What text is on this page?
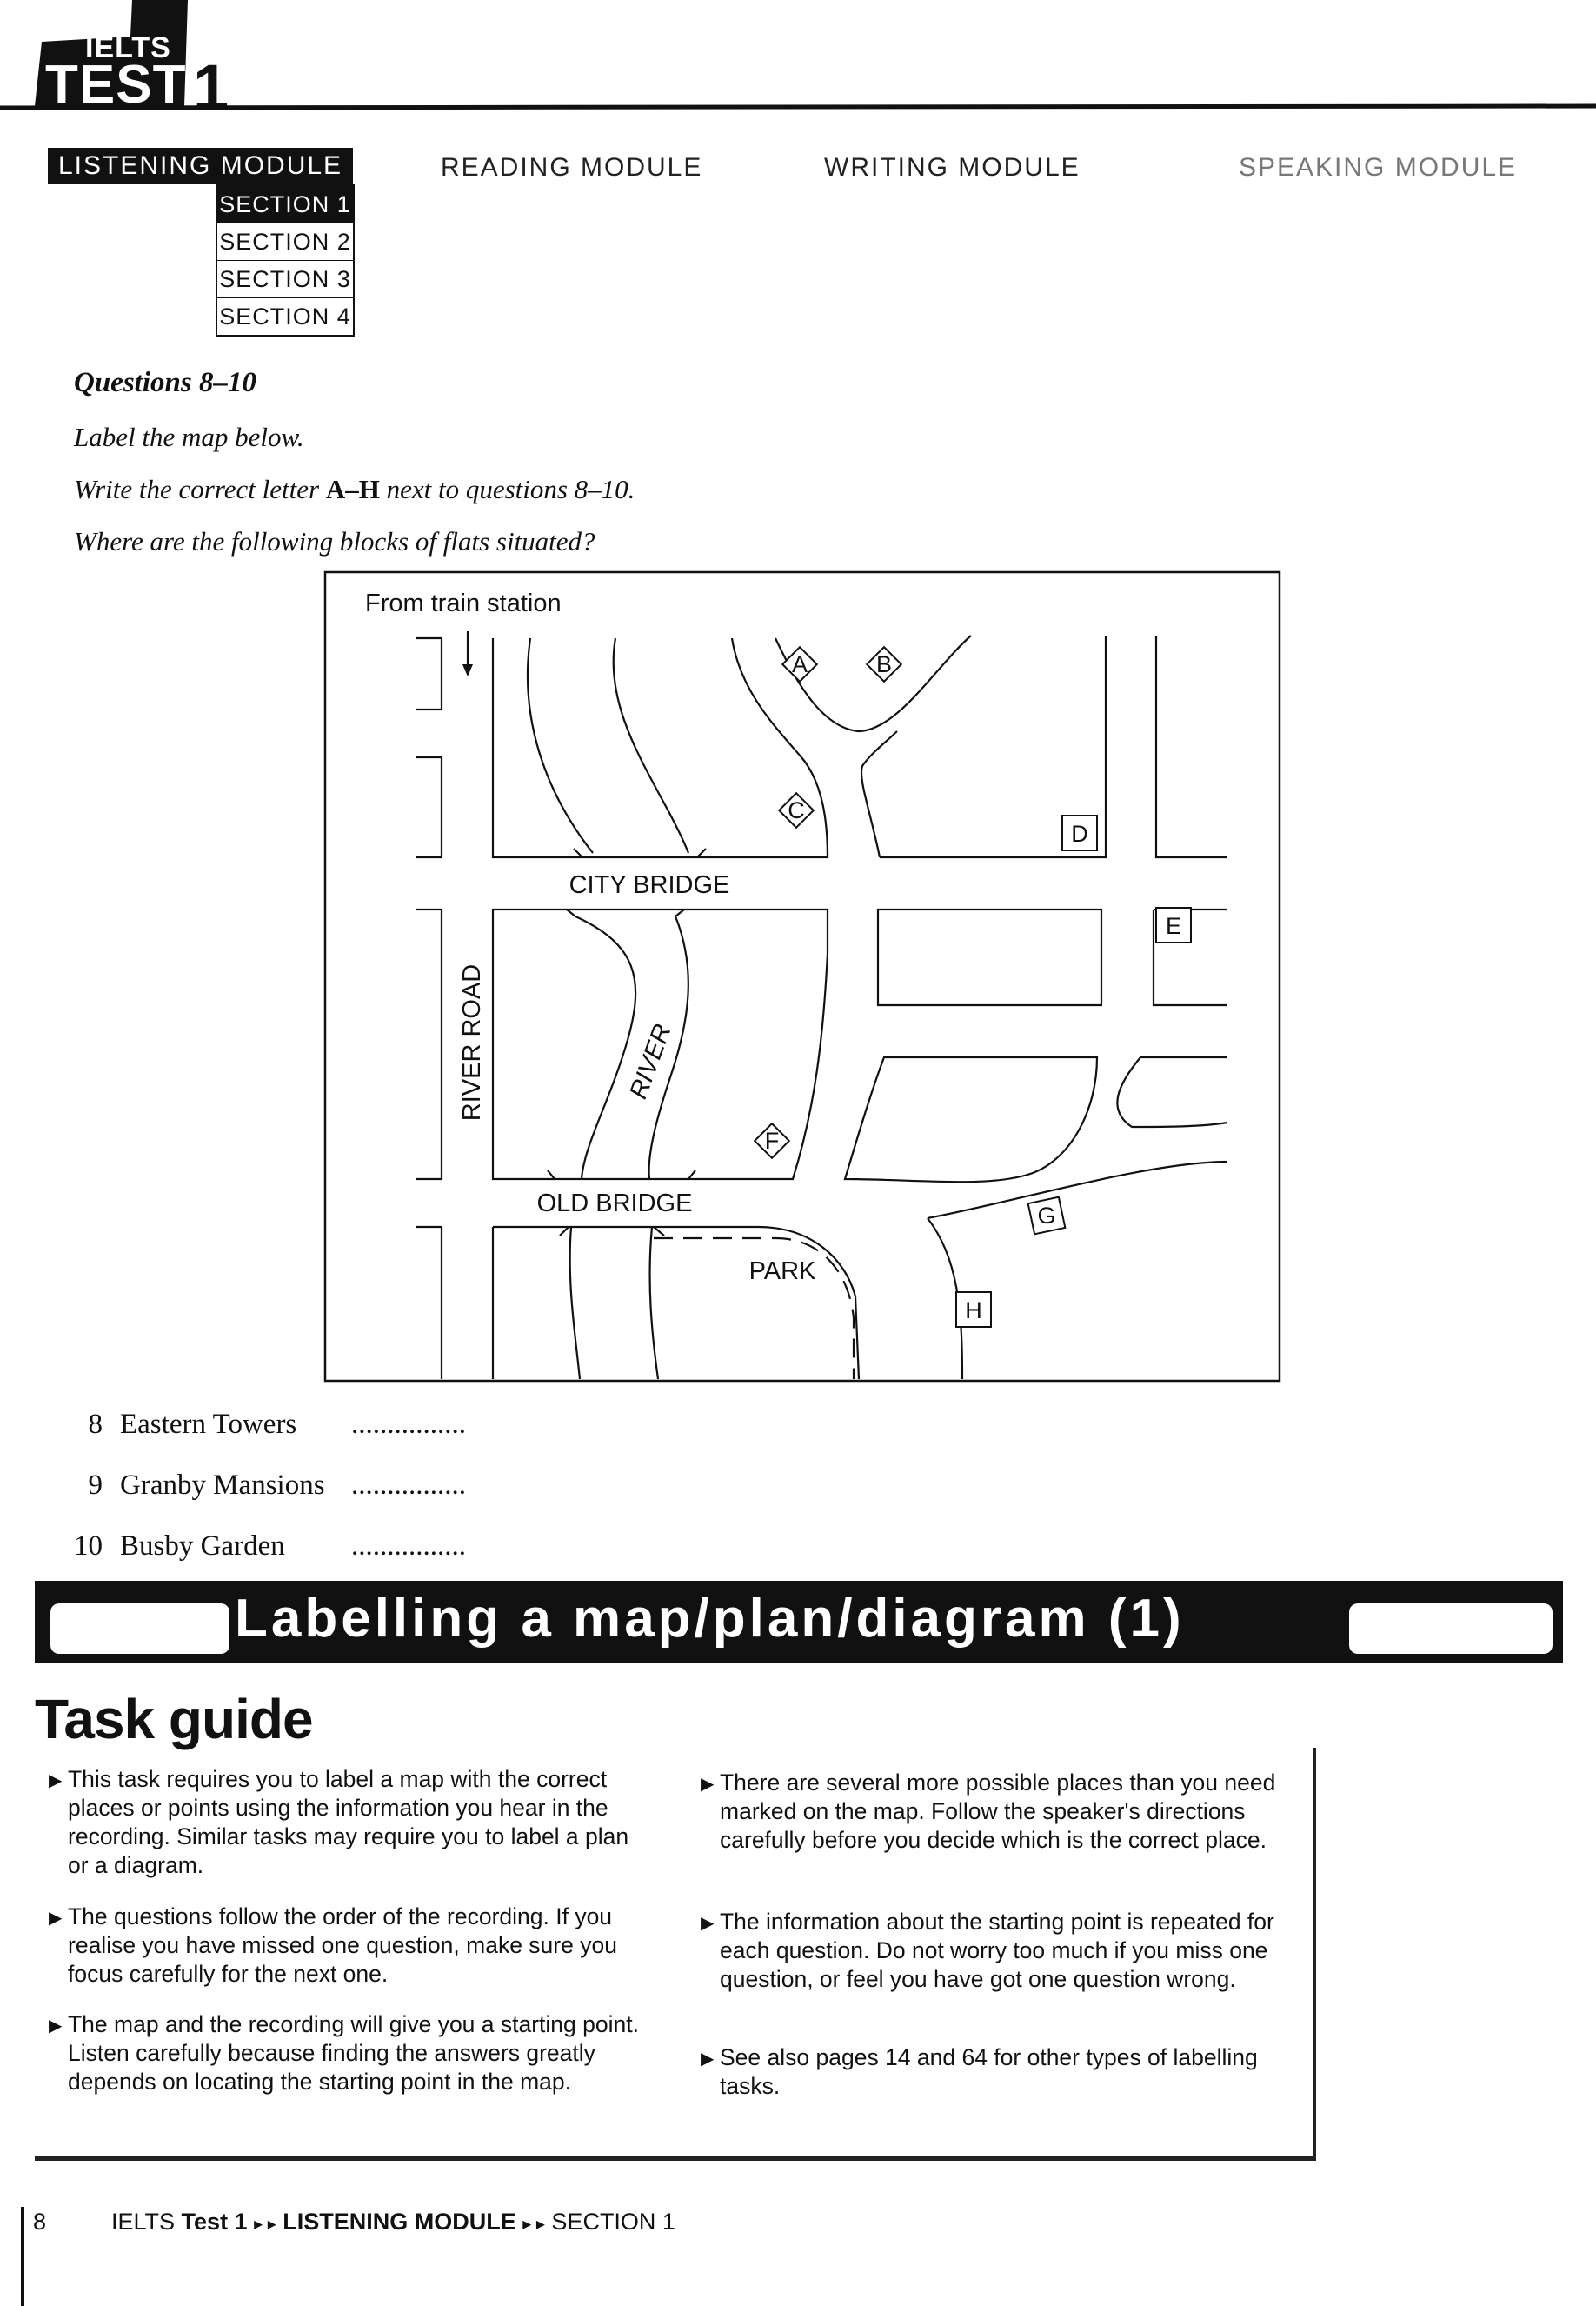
IELTS
TEST 1
LISTENING MODULE	READING MODULE	WRITING MODULE	SPEAKING MODULE
SECTION 1
SECTION 2
SECTION 3
SECTION 4
Questions 8–10
Label the map below.
Write the correct letter A–H next to questions 8–10.
Where are the following blocks of flats situated?
A	B
C
D
E
F
G
H
From train station
CITY BRIDGE
OLD BRIDGE
PARK
RIVER ROAD	RIVER
8 Eastern Towers ................
9 Granby Mansions ................
10 Busby Garden ................
Labelling a map/plan/diagram (1)
Task guide
▶ This task requires you to label a map with the correct places or points using the information you hear in the recording. Similar tasks may require you to label a plan or a diagram.
▶ The questions follow the order of the recording. If you realise you have missed one question, make sure you focus carefully for the next one.
▶ The map and the recording will give you a starting point. Listen carefully because finding the answers greatly depends on locating the starting point in the map.
▶ There are several more possible places than you need marked on the map. Follow the speaker's directions carefully before you decide which is the correct place.
▶ The information about the starting point is repeated for each question. Do not worry too much if you miss one question, or feel you have got one question wrong.
▶ See also pages 14 and 64 for other types of labelling tasks.
8	IELTS Test 1 ▸ ▸ LISTENING MODULE ▸ ▸ SECTION 1
